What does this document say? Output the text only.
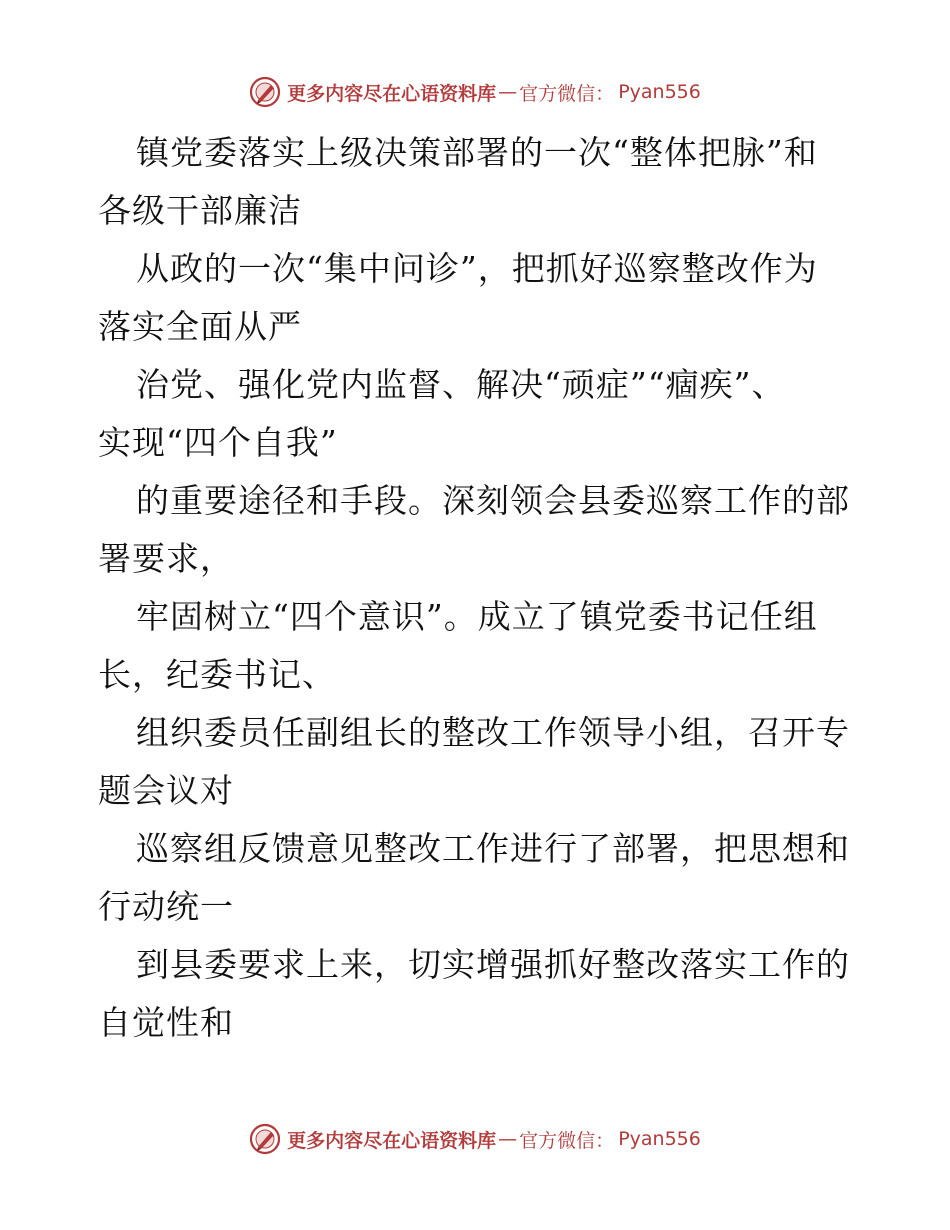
更多内容尽在心语资料库 — 官方微信： Pyan556
镇党委落实上级决策部署的一次“整体把脉”和
各级干部廉洁
从政的一次“集中问诊”，把抓好巡察整改作为
落实全面从严
治党、强化党内监督、解决“顽症”“痼疾”、
实现“四个自我”
的重要途径和手段。深刻领会县委巡察工作的部
署要求，
牢固树立“四个意识”。成立了镇党委书记任组
长，纪委书记、
组织委员任副组长的整改工作领导小组，召开专
题会议对
巡察组反馈意见整改工作进行了部署，把思想和
行动统一
到县委要求上来，切实增强抓好整改落实工作的
自觉性和
更多内容尽在心语资料库 — 官方微信： Pyan556
